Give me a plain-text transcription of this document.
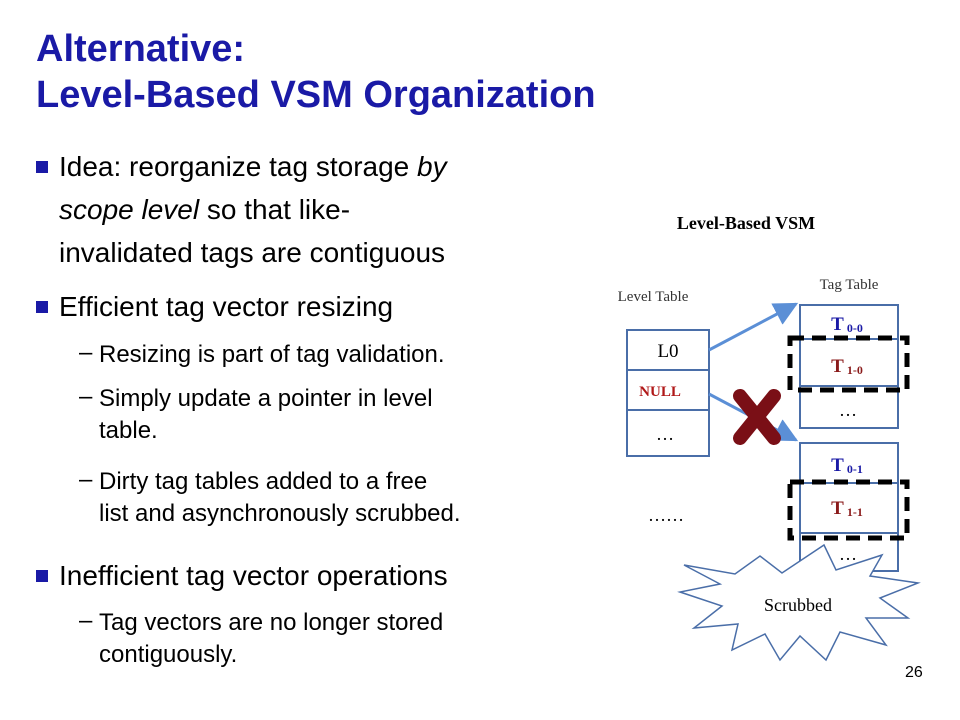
Alternative:
Level-Based VSM Organization
Idea: reorganize tag storage by
scope level so that like-
invalidated tags are contiguous
Efficient tag vector resizing
– Resizing is part of tag validation.
– Simply update a pointer in level
table.
– Dirty tag tables added to a free
list and asynchronously scrubbed.
Inefficient tag vector operations
– Tag vectors are no longer stored
contiguously.
Level-Based VSM
Tag Table
Level Table
L0
NULL
…
……
T 0-0
T 1-0
…
T 0-1
T 1-1
…
Scrubbed
26
